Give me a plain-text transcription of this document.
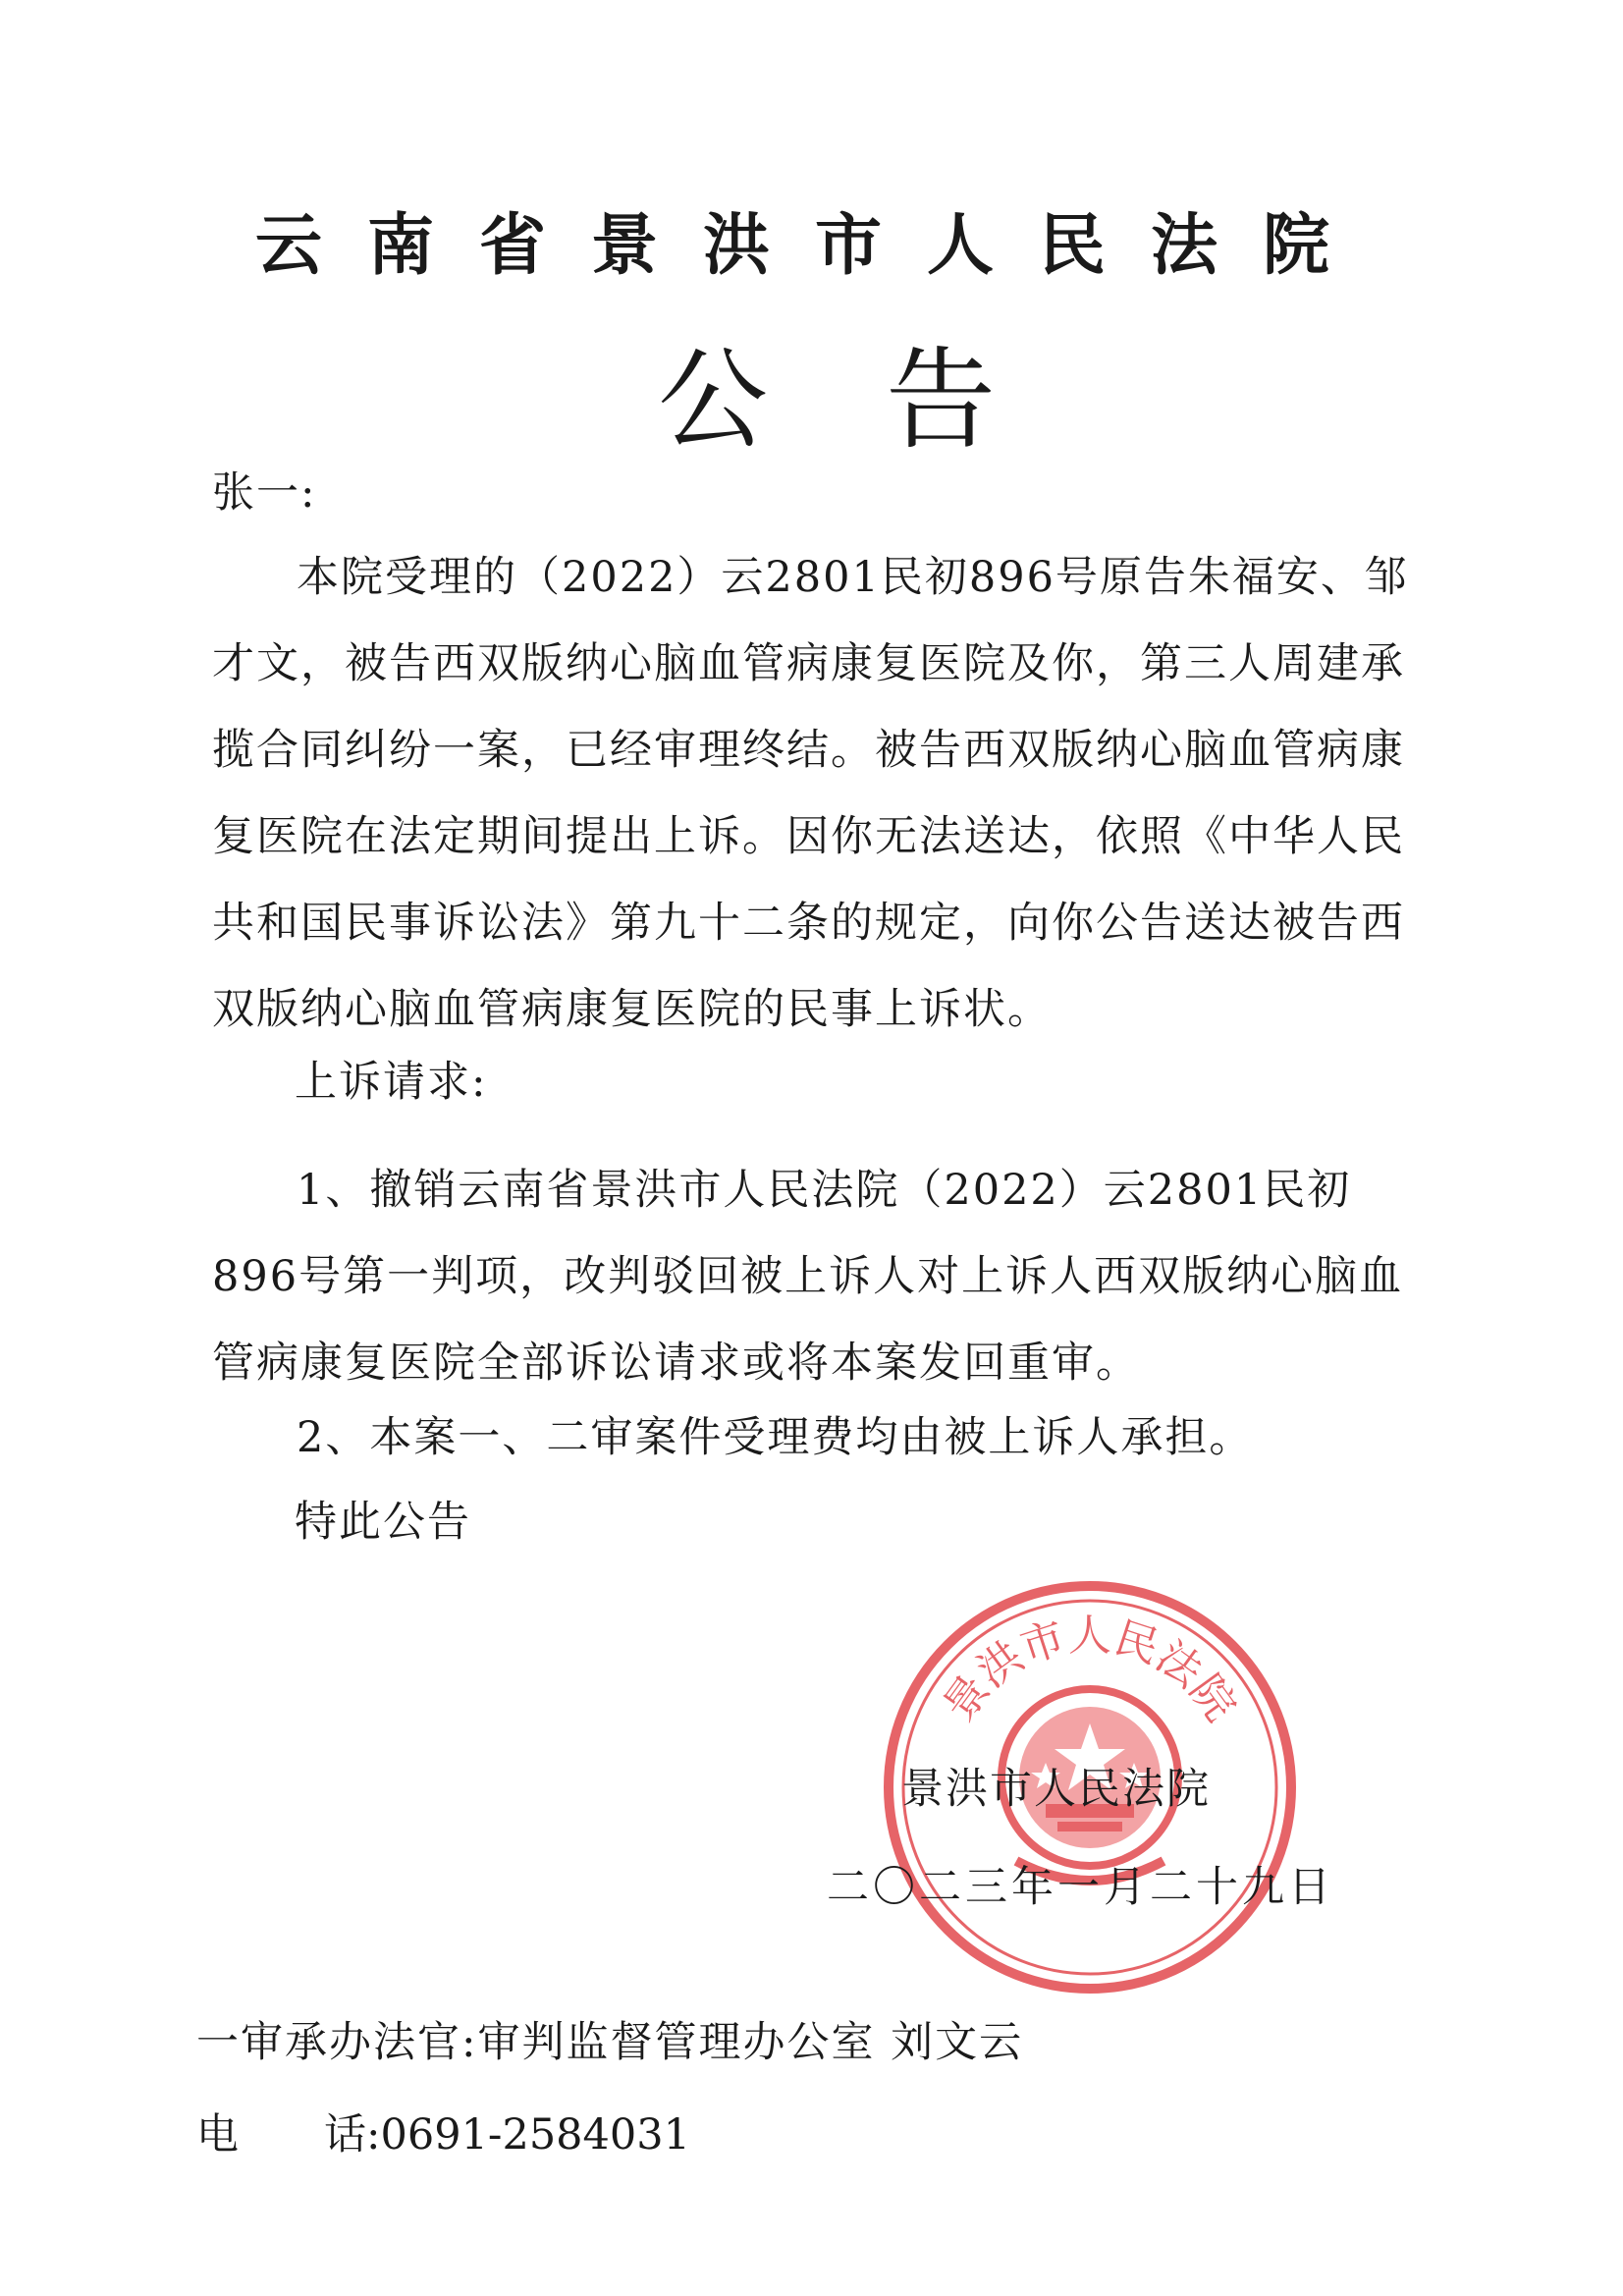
云南省景洪市人民法院
公告
张一:
本院受理的（2022）云2801民初896号原告朱福安、邹才文，被告西双版纳心脑血管病康复医院及你，第三人周建承揽合同纠纷一案，已经审理终结。被告西双版纳心脑血管病康复医院在法定期间提出上诉。因你无法送达，依照《中华人民共和国民事诉讼法》第九十二条的规定，向你公告送达被告西双版纳心脑血管病康复医院的民事上诉状。
上诉请求:
1、撤销云南省景洪市人民法院（2022）云2801民初896号第一判项，改判驳回被上诉人对上诉人西双版纳心脑血管病康复医院全部诉讼请求或将本案发回重审。
2、本案一、二审案件受理费均由被上诉人承担。
特此公告
景洪市人民法院
景洪市人民法院
二〇二三年一月二十九日
一审承办法官:审判监督管理办公室 刘文云
电 话:0691-2584031
